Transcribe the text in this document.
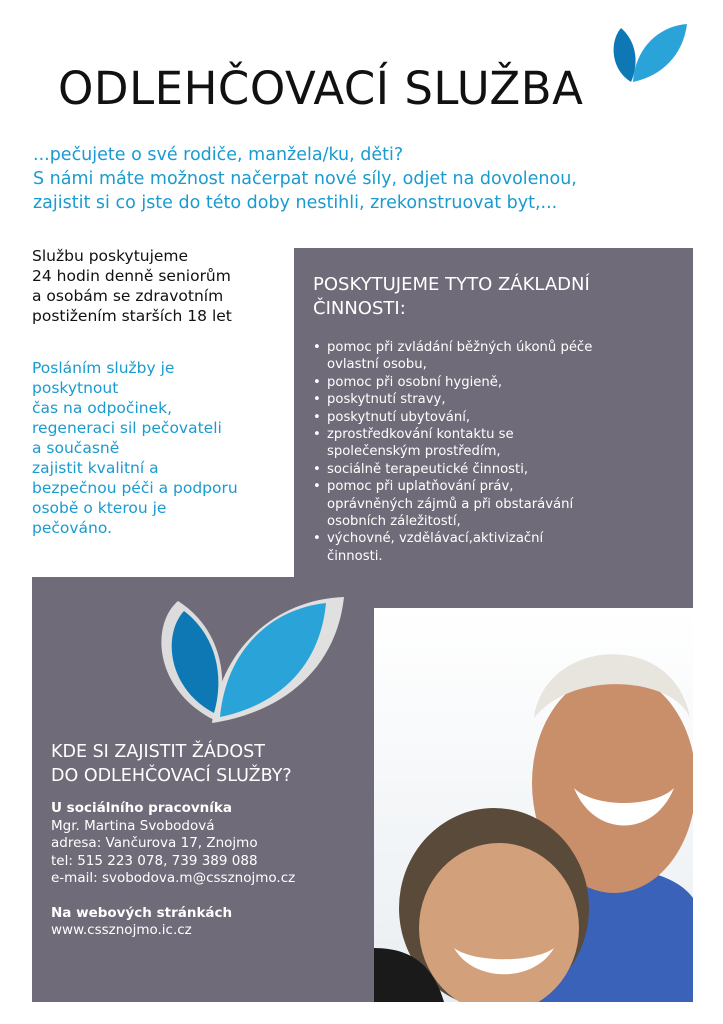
ODLEHČOVACÍ SLUŽBA
...pečujete o své rodiče, manžela/ku, děti?
S námi máte možnost načerpat nové síly, odjet na dovolenou,
zajistit si co jste do této doby nestihli, zrekonstruovat byt,...
Službu poskytujeme
24 hodin denně seniorům
a osobám se zdravotním
postižením starších 18 let
Posláním služby je
poskytnout
čas na odpočinek,
regeneraci sil pečovateli
a současně
zajistit kvalitní a
bezpečnou péči a podporu
osobě o kterou je
pečováno.
POSKYTUJEME TYTO ZÁKLADNÍ
ČINNOSTI:
• pomoc při zvládání běžných úkonů péče
ovlastní osobu,
• pomoc při osobní hygieně,
• poskytnutí stravy,
• poskytnutí ubytování,
• zprostředkování kontaktu se
společenským prostředím,
• sociálně terapeutické činnosti,
• pomoc při uplatňování práv,
oprávněných zájmů a při obstarávání
osobních záležitostí,
• výchovné, vzdělávací,aktivizační
činnosti.
KDE SI ZAJISTIT ŽÁDOST
DO ODLEHČOVACÍ SLUŽBY?
U sociálního pracovníka
Mgr. Martina Svobodová
adresa: Vančurova 17, Znojmo
tel: 515 223 078, 739 389 088
e-mail: svobodova.m@cssznojmo.cz
Na webových stránkách
www.cssznojmo.ic.cz
